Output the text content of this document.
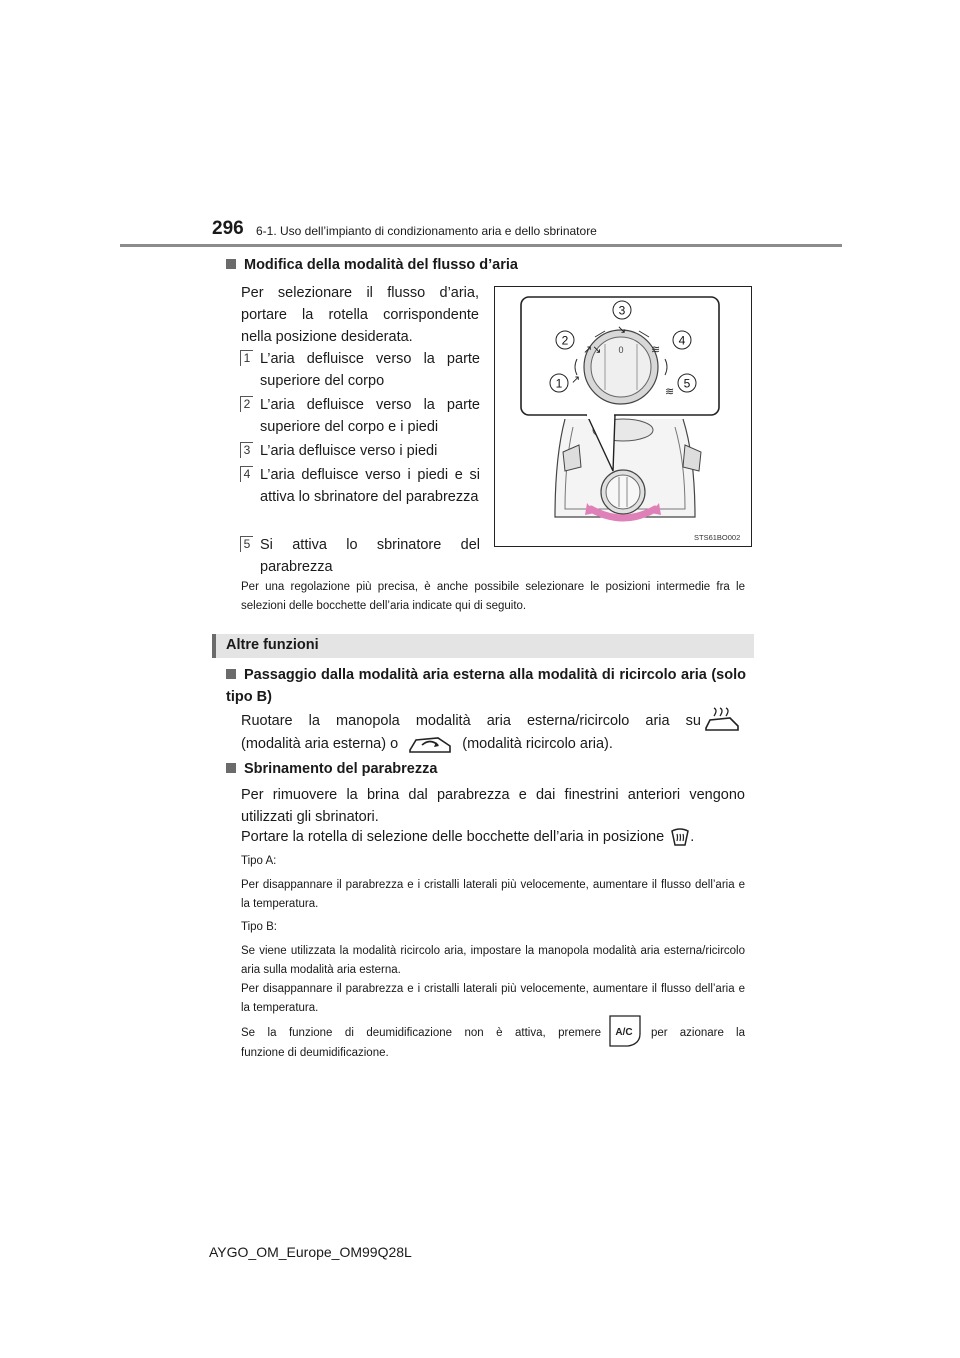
296 6-1. Uso dell’impianto di condizionamento aria e dello sbrinatore
Modifica della modalità del flusso d’aria
Per selezionare il flusso d’aria, portare la rotella corrispondente nella posizione desiderata.
1 L’aria defluisce verso la parte superiore del corpo
2 L’aria defluisce verso la parte superiore del corpo e i piedi
3 L’aria defluisce verso i piedi
4 L’aria defluisce verso i piedi e si attiva lo sbrinatore del parabrezza
5 Si attiva lo sbrinatore del parabrezza
0
↗
↗↘
↘
≋
≋
1
2
3
4
5
STS61BO002
Per una regolazione più precisa, è anche possibile selezionare le posizioni intermedie fra le selezioni delle bocchette dell’aria indicate qui di seguito.
Altre funzioni
Passaggio dalla modalità aria esterna alla modalità di ricircolo aria (solo tipo B)
Ruotare la manopola modalità aria esterna/ricircolo aria su
(modalità aria esterna) o	(modalità ricircolo aria).
Sbrinamento del parabrezza
Per rimuovere la brina dal parabrezza e dai finestrini anteriori vengono utilizzati gli sbrinatori.
Portare la rotella di selezione delle bocchette dell’aria in posizione .
Tipo A:
Per disappannare il parabrezza e i cristalli laterali più velocemente, aumentare il flusso dell’aria e la temperatura.
Tipo B:
Se viene utilizzata la modalità ricircolo aria, impostare la manopola modalità aria esterna/ricircolo aria sulla modalità aria esterna.
Per disappannare il parabrezza e i cristalli laterali più velocemente, aumentare il flusso dell’aria e la temperatura.
Se la funzione di deumidificazione non è attiva, premere A/C per azionare la
funzione di deumidificazione.
AYGO_OM_Europe_OM99Q28L
